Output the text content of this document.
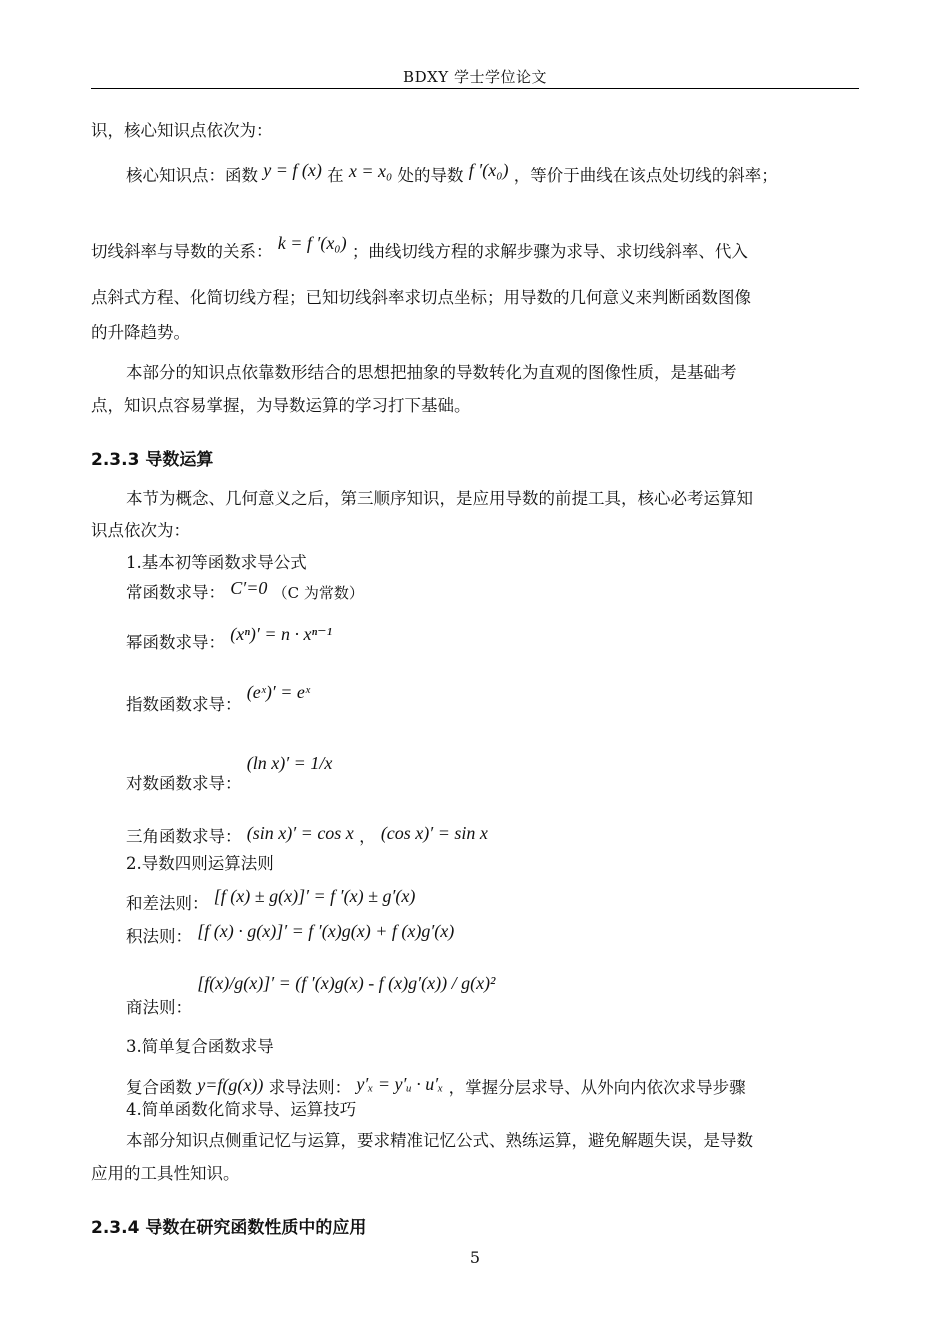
BDXY 学士学位论文
识，核心知识点依次为：
核心知识点：函数 y = f (x) 在 x = x₀ 处的导数 f ′(x₀) ，等价于曲线在该点处切线的斜率；
切线斜率与导数的关系： k = f ′(x₀) ；曲线切线方程的求解步骤为求导、求切线斜率、代入
点斜式方程、化简切线方程；已知切线斜率求切点坐标；用导数的几何意义来判断函数图像
的升降趋势。
本部分的知识点依靠数形结合的思想把抽象的导数转化为直观的图像性质，是基础考
点，知识点容易掌握，为导数运算的学习打下基础。
2.3.3 导数运算
本节为概念、几何意义之后，第三顺序知识，是应用导数的前提工具，核心必考运算知
识点依次为：
1.基本初等函数求导公式
常函数求导： C′=0 （C 为常数）
幂函数求导： (xⁿ)′ = n · xⁿ⁻¹
指数函数求导： (eˣ)′ = eˣ
对数函数求导： (ln x)′ = 1/x
三角函数求导： (sin x)′ = cos x ， (cos x)′ = sin x
2.导数四则运算法则
和差法则： [f (x) ± g(x)]′ = f ′(x) ± g′(x)
积法则： [f (x) · g(x)]′ = f ′(x)g(x) + f (x)g′(x)
商法则： [f(x)/g(x)]′ = (f ′(x)g(x) - f (x)g′(x)) / g(x)²
3.简单复合函数求导
复合函数 y=f(g(x)) 求导法则： y′ₓ = y′ᵤ · u′ₓ ，掌握分层求导、从外向内依次求导步骤
4.简单函数化简求导、运算技巧
本部分知识点侧重记忆与运算，要求精准记忆公式、熟练运算，避免解题失误，是导数
应用的工具性知识。
2.3.4 导数在研究函数性质中的应用
5
